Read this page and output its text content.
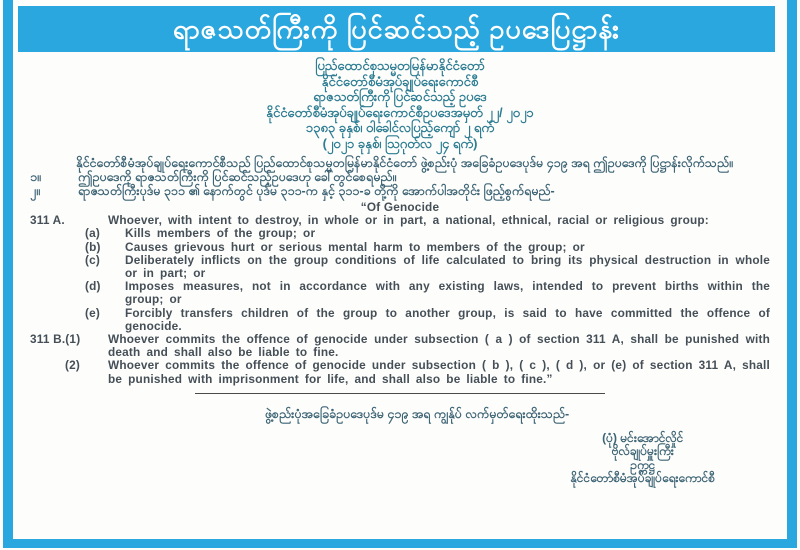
ရာဇသတ်ကြီးကို ပြင်ဆင်သည့် ဥပဒေပြဋ္ဌာန်း
ပြည်ထောင်စုသမ္မတမြန်မာနိုင်ငံတော်
နိုင်ငံတော်စီမံအုပ်ချုပ်ရေးကောင်စီ
ရာဇသတ်ကြီးကို ပြင်ဆင်သည့် ဥပဒေ
နိုင်ငံတော်စီမံအုပ်ချုပ်ရေးကောင်စီဥပဒေအမှတ် ၂၂/ ၂၀၂၁
၁၃၈၃ ခုနှစ်၊ ဝါခေါင်လပြည့်ကျော် ၂ ရက်
(၂၀၂၁ ခုနှစ်၊ ဩဂုတ်လ ၂၄ ရက်)

နိုင်ငံတော်စီမံအုပ်ချုပ်ရေးကောင်စီသည် ပြည်ထောင်စုသမ္မတမြန်မာနိုင်ငံတော် ဖွဲ့စည်းပုံ အခြေခံဥပဒေပုဒ်မ ၄၁၉ အရ ဤဥပဒေကို ပြဋ္ဌာန်းလိုက်သည်။

၁။	ဤဥပဒေကို ရာဇသတ်ကြီးကို ပြင်ဆင်သည့်ဥပဒေဟု ခေါ်တွင်စေရမည်။
၂။	ရာဇသတ်ကြီးပုဒ်မ ၃၁၁ ၏ နောက်တွင် ပုဒ်မ ၃၁၁-က နှင့် ၃၁၁-ခ တို့ကို အောက်ပါအတိုင်း ဖြည့်စွက်ရမည်-
“Of Genocide
311 A.	Whoever, with intent to destroy, in whole or in part, a national, ethnical, racial or religious group:
(a)	Kills members of the group; or
(b)	Causes grievous hurt or serious mental harm to members of the group; or
(c)	Deliberately inflicts on the group conditions of life calculated to bring its physical destruction in whole or in part; or
(d)	Imposes measures, not in accordance with any existing laws, intended to prevent births within the group; or
(e)	Forcibly transfers children of the group to another group, is said to have committed the offence of genocide.
311 B.(1)	Whoever commits the offence of genocide under subsection ( a ) of section 311 A, shall be punished with death and shall also be liable to fine.
(2)	Whoever commits the offence of genocide under subsection ( b ), ( c ), ( d ), or (e) of section 311 A, shall be punished with imprisonment for life, and shall also be liable to fine.”

ဖွဲ့စည်းပုံအခြေခံဥပဒေပုဒ်မ ၄၁၉ အရ ကျွန်ုပ် လက်မှတ်ရေးထိုးသည်-

(ပုံ) မင်းအောင်လှိုင်
ဗိုလ်ချုပ်မှူးကြီး
ဥက္ကဋ္ဌ
နိုင်ငံတော်စီမံအုပ်ချုပ်ရေးကောင်စီ
